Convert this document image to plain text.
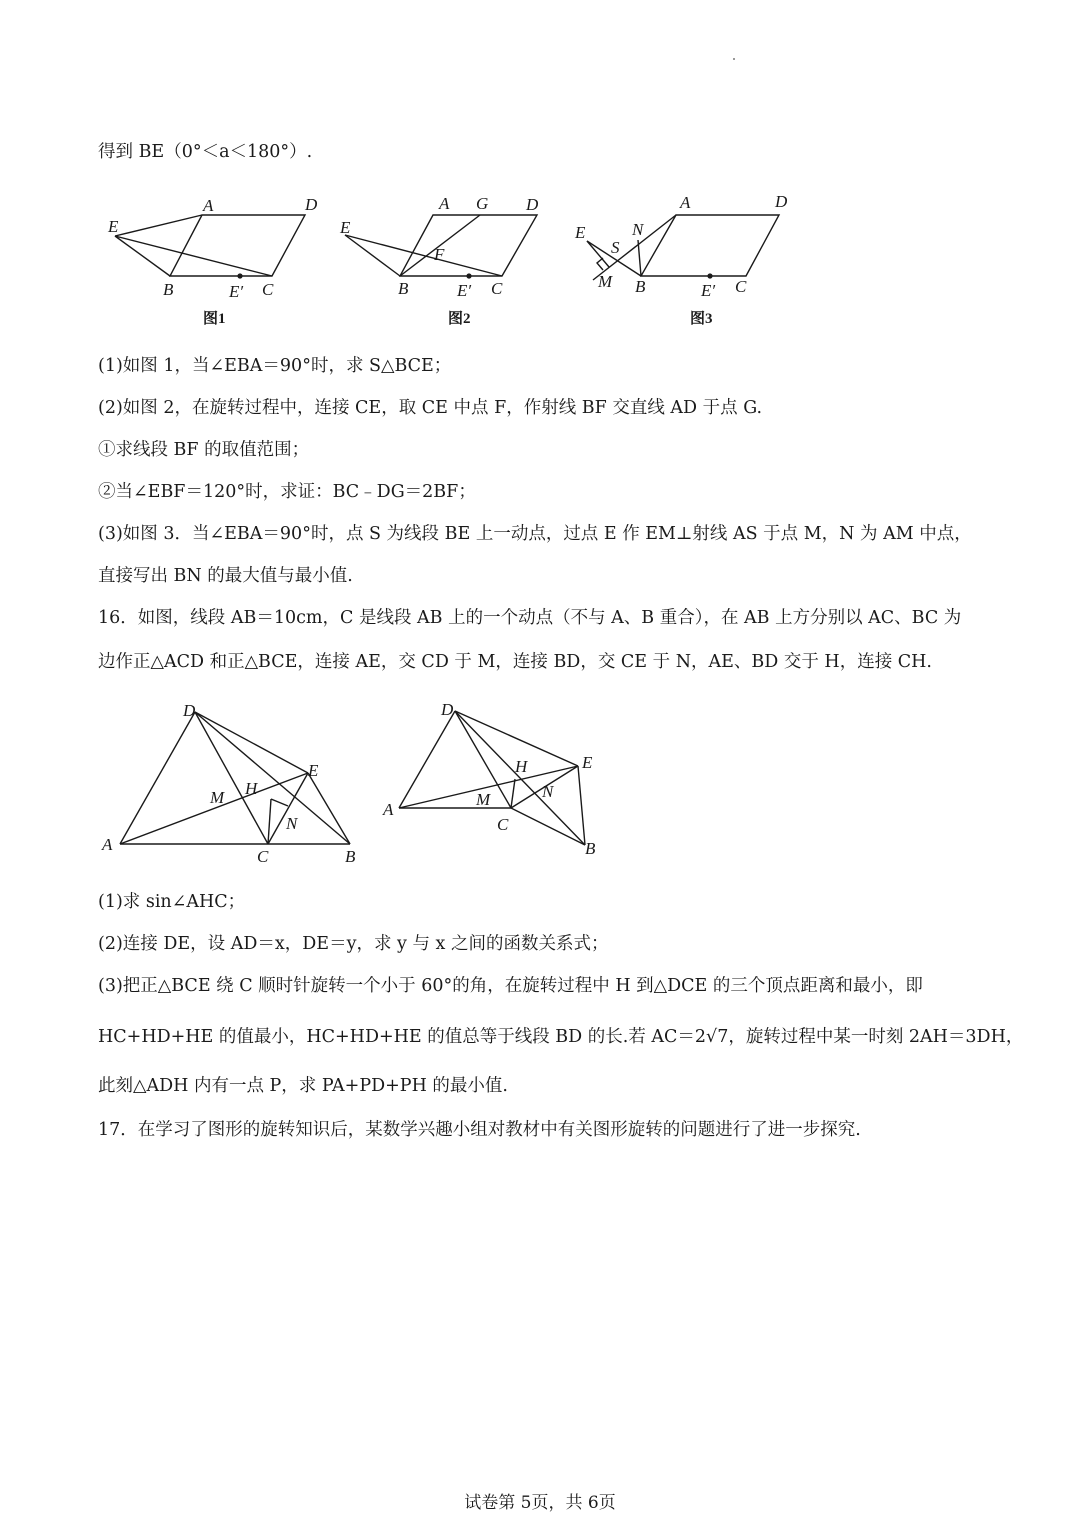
得到 BE（0°＜a＜180°）.
A	D
E
B	E′ C
图1
A G D
E
F
B	E′ C
图2
A	D
E	N
S
M B	E′ C
图3
(1)如图 1，当∠EBA＝90°时，求 S△BCE；
(2)如图 2，在旋转过程中，连接 CE，取 CE 中点 F，作射线 BF 交直线 AD 于点 G.
①求线段 BF 的取值范围；
②当∠EBF＝120°时，求证：BC﹣DG＝2BF；
(3)如图 3．当∠EBA＝90°时，点 S 为线段 BE 上一动点，过点 E 作 EM⊥射线 AS 于点 M，N 为 AM 中点，
直接写出 BN 的最大值与最小值.
16．如图，线段 AB＝10cm，C 是线段 AB 上的一个动点（不与 A、B 重合），在 AB 上方分别以 AC、BC 为
边作正△ACD 和正△BCE，连接 AE，交 CD 于 M，连接 BD，交 CE 于 N，AE、BD 交于 H，连接 CH.
D
E
H
M
N
A
C	B
D
E
H
M	N
A
C
B
(1)求 sin∠AHC；
(2)连接 DE，设 AD＝x，DE＝y，求 y 与 x 之间的函数关系式；
(3)把正△BCE 绕 C 顺时针旋转一个小于 60°的角，在旋转过程中 H 到△DCE 的三个顶点距离和最小，即
HC+HD+HE 的值最小，HC+HD+HE 的值总等于线段 BD 的长.若 AC＝2√7，旋转过程中某一时刻 2AH＝3DH，
此刻△ADH 内有一点 P，求 PA+PD+PH 的最小值.
17．在学习了图形的旋转知识后，某数学兴趣小组对教材中有关图形旋转的问题进行了进一步探究.
试卷第 5页，共 6页
